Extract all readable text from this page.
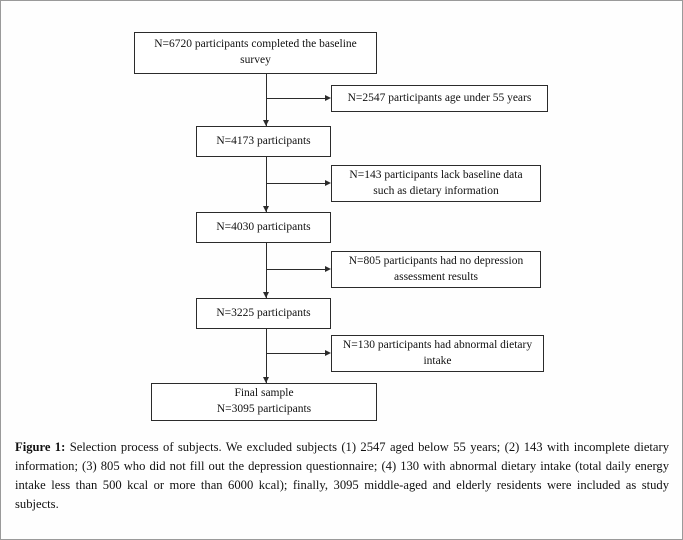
N=6720 participants completed the baseline
survey
N=2547 participants age under 55 years
N=4173 participants
N=143 participants lack baseline data
such as dietary information
N=4030 participants
N=805 participants had no depression
assessment results
N=3225 participants
N=130 participants had abnormal dietary
intake
Final sample
N=3095 participants
Figure 1: Selection process of subjects. We excluded subjects (1) 2547 aged below 55 years; (2) 143 with incomplete dietary information; (3) 805 who did not fill out the depression questionnaire; (4) 130 with abnormal dietary intake (total daily energy intake less than 500 kcal or more than 6000 kcal); finally, 3095 middle-aged and elderly residents were included as study subjects.
